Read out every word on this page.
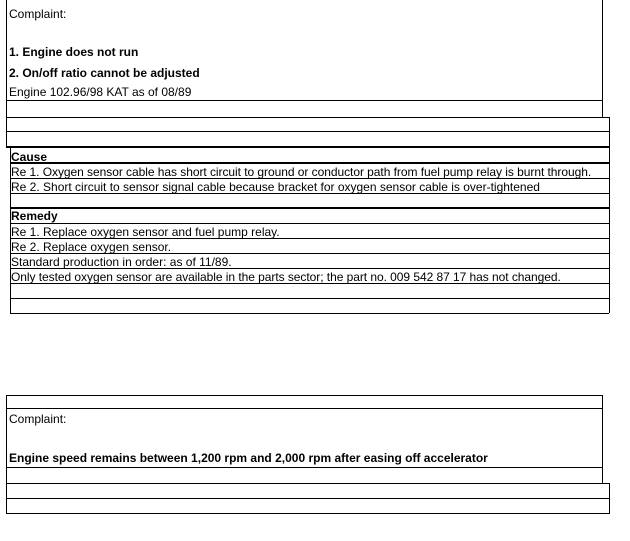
Complaint:
1. Engine does not run
2. On/off ratio cannot be adjusted
Engine 102.96/98 KAT as of 08/89
Cause
Re 1. Oxygen sensor cable has short circuit to ground or conductor path from fuel pump relay is burnt through.
Re 2. Short circuit to sensor signal cable because bracket for oxygen sensor cable is over-tightened
Remedy
Re 1. Replace oxygen sensor and fuel pump relay.
Re 2. Replace oxygen sensor.
Standard production in order: as of 11/89.
Only tested oxygen sensor are available in the parts sector; the part no. 009 542 87 17 has not changed.
Complaint:
Engine speed remains between 1,200 rpm and 2,000 rpm after easing off accelerator
